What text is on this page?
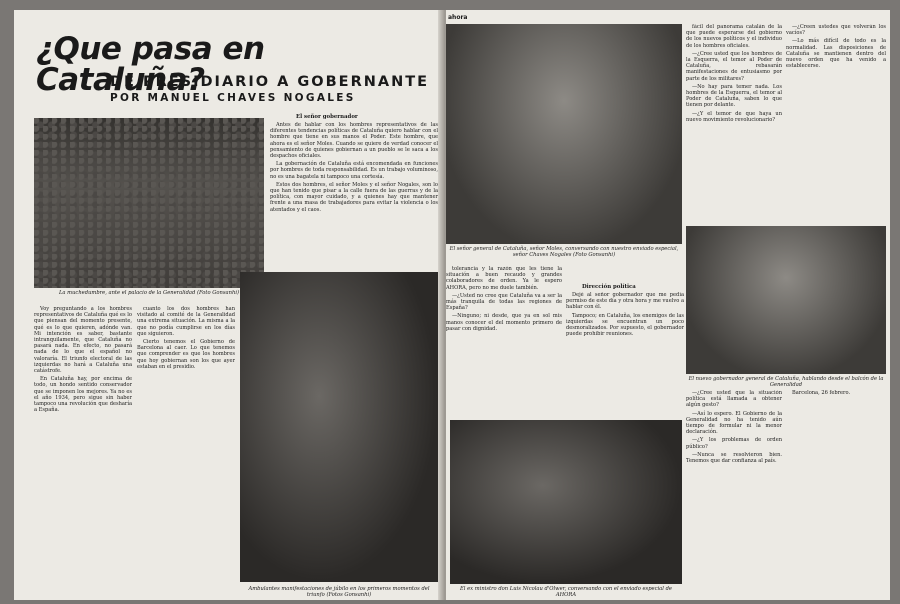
¿Que pasa en Cataluña?
DE PRESIDIARIO A GOBERNANTE
POR MANUEL CHAVES NOGALES
La muchedumbre, ante el palacio de la Generalidad (Foto Gonsanhi)
El señor gobernador

Antes de hablar con los hombres representativos de las diferentes tendencias políticas de Cataluña quiero hablar con el hombre que tiene en sus manos el Poder. Este hombre, que ahora es el señor Moles. Cuando se quiere de verdad conocer el pensamiento de quienes gobiernan a un pueblo se le saca a los despachos oficiales.

La gobernación de Cataluña está encomendada en funciones por hombres de toda responsabilidad. Es un trabajo voluminoso, no es una bagatela ni tampoco una cortesía.

Estos dos hombres, el señor Moles y el señor Nogales, son lo que han tenido que pisar a la calle fuera de las guerras y de la política, con mayor cuidado, y a quienes hay que mantener frente a una masa de trabajadores para evitar la violencia o los atentados y el caos.

Voy preguntando a los hombres representativos de Cataluña qué es lo que piensan del momento presente, qué es lo que quieren, adónde van. Mi intención es saber, bastante intranquilamente, que Cataluña no pasará nada. En efecto, no pasará nada de lo que el español no valoraría. El triunfo electoral de las izquierdas no hará a Cataluña una catástrofe.

En Cataluña hay, por encima de todo, un hondo sentido conservador que se imponen los mejores. Ya no es el año 1934, pero sigue sin haber tampoco una revolución que desharía a España.

cuanto los dos hombres han visitado al comité de la Generalidad una extrema situación. La misma a la que no podía cumplirse en los días que siguieron.

Cierto tenemos el Gobierno de Barcelona al caer. Lo que tenemos que comprender es que los hombres que hoy gobiernan son los que ayer estaban en el presidio.

Ambulantes manifestaciones de júbilo en los primeros momentos del triunfo (Fotos Gonsanhi)
ahora
El señor general de Cataluña, señor Moles, conversando con nuestro enviado especial, señor Chaves Nogales (Foto Gonsanhi)

fácil del panorama catalán de la que puede esperarse del gobierno de los nuevos políticos y el individuo de los hombres oficiales.

—¿Cree usted que los hombres de la Esquerra, el temor al Poder de Cataluña, rebasarán manifestaciones de entusiasmo por parte de los militares?

—No hay para temer nada. Los hombres de la Esquerra, el temor al Poder de Cataluña, saben lo que tienen por delante.

—¿Y el temor de que haya un nuevo movimiento revolucionario?

—¿Creen ustedes que volverán los vacíos?

—Lo más difícil de todo es la normalidad. Las disposiciones de Cataluña se mantienen dentro del nuevo orden que ha venido a establecerse.

tolerancia y la razón que les tiene la situación a buen recaudo y grandes colaboradores de orden. Ya le espero AHORA, pero no me duele también.

—¿Usted no cree que Cataluña va a ser la más tranquila de todas las regiones de España?

—Ninguno; ni desde, que ya en sol mis manos conocer el del momento primero de pasar con dignidad.

Dirección política

Dejé al señor gobernador que me pedía permiso de este día y otra hora y me vuelvo a hablar con él.

Tampoco; en Cataluña, los enemigos de las izquierdas se encuentran un poco desmoralizados. Por supuesto, el gobernador puede prohibir reuniones.

El nuevo gobernador general de Cataluña, hablando desde el balcón de la Generalidad

—¿Cree usted que la situación política está llamada a obtener algún gesto?

—Así lo espero. El Gobierno de la Generalidad no ha tenido aún tiempo de formular ni la menor declaración.

—¿Y los problemas de orden público?

—Nunca se resolvieron bien. Tenemos que dar confianza al país.

Barcelona, 26 febrero.

El ex ministro don Luis Nicolau d'Olwer, conversando con el enviado especial de AHORA
